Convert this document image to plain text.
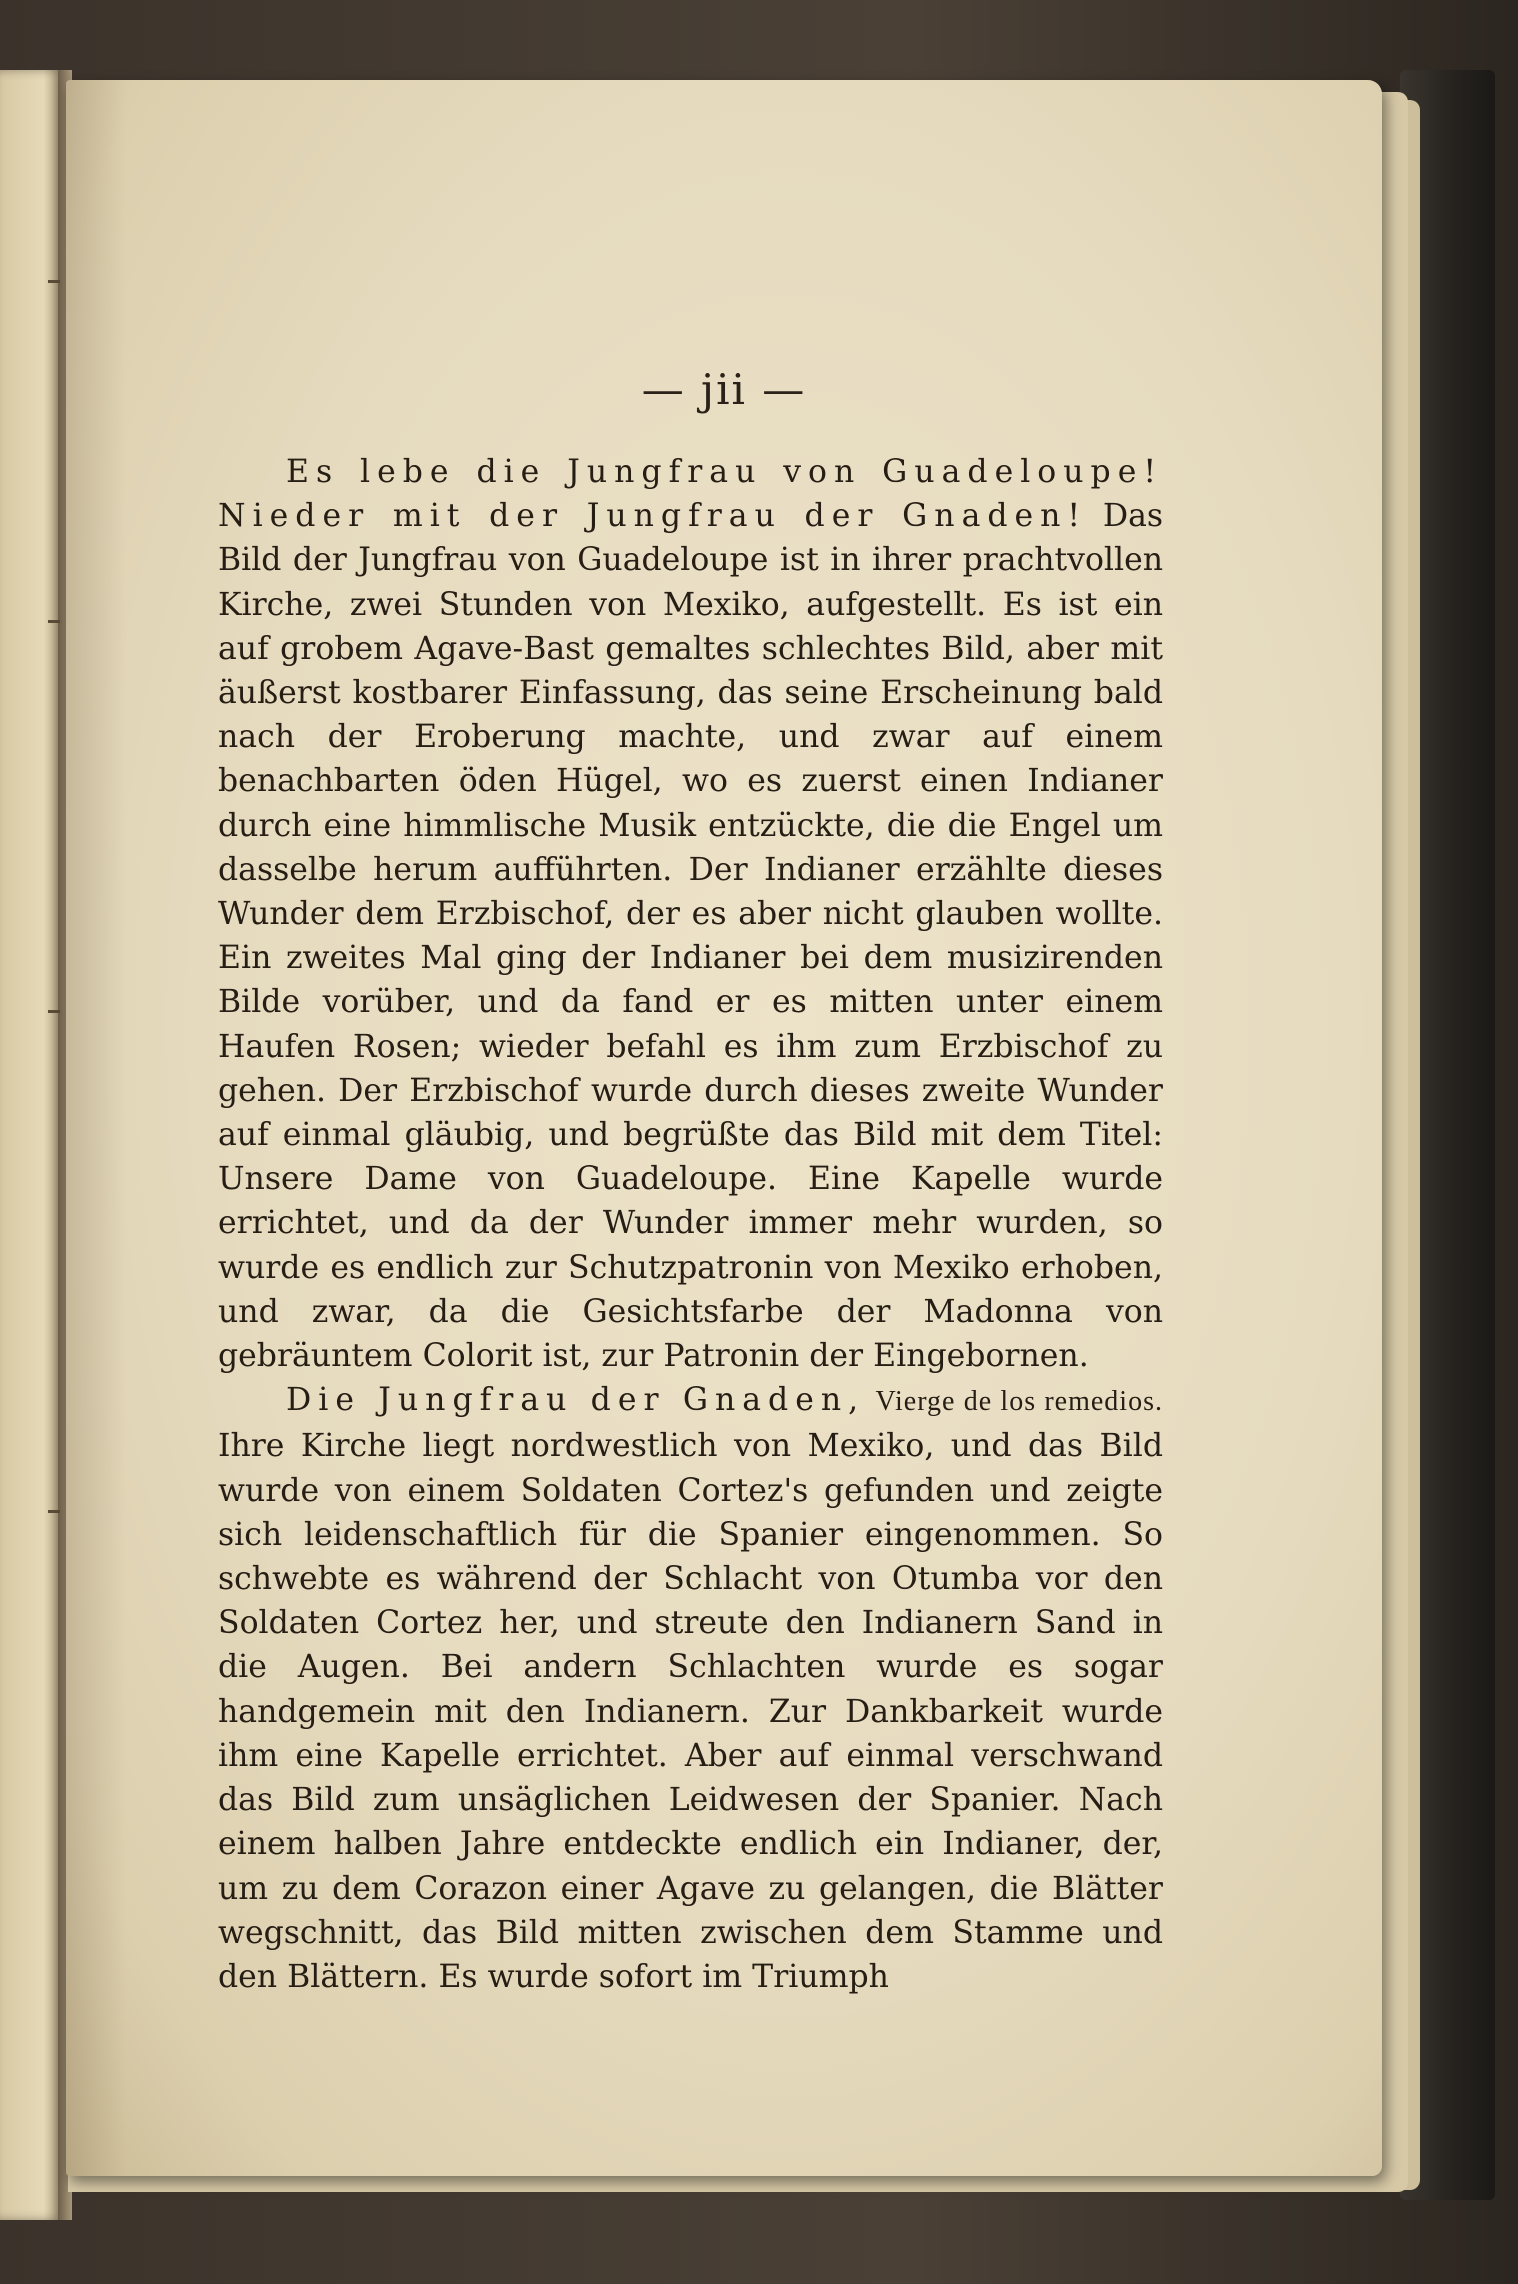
— jii —

Es lebe die Jungfrau von Guadeloupe! Nieder mit der Jungfrau der Gnaden! Das Bild der Jungfrau von Guadeloupe ist in ihrer prachtvollen Kirche, zwei Stunden von Mexiko, aufgestellt. Es ist ein auf grobem Agave-Bast gemaltes schlechtes Bild, aber mit äußerst kostbarer Einfassung, das seine Erscheinung bald nach der Eroberung machte, und zwar auf einem benachbarten öden Hügel, wo es zuerst einen Indianer durch eine himmlische Musik entzückte, die die Engel um dasselbe herum aufführten. Der Indianer erzählte dieses Wunder dem Erzbischof, der es aber nicht glauben wollte. Ein zweites Mal ging der Indianer bei dem musizirenden Bilde vorüber, und da fand er es mitten unter einem Haufen Rosen; wieder befahl es ihm zum Erzbischof zu gehen. Der Erzbischof wurde durch dieses zweite Wunder auf einmal gläubig, und begrüßte das Bild mit dem Titel: Unsere Dame von Guadeloupe. Eine Kapelle wurde errichtet, und da der Wunder immer mehr wurden, so wurde es endlich zur Schutzpatronin von Mexiko erhoben, und zwar, da die Gesichtsfarbe der Madonna von gebräuntem Colorit ist, zur Patronin der Eingebornen.

Die Jungfrau der Gnaden, Vierge de los remedios. Ihre Kirche liegt nordwestlich von Mexiko, und das Bild wurde von einem Soldaten Cortez's gefunden und zeigte sich leidenschaftlich für die Spanier eingenommen. So schwebte es während der Schlacht von Otumba vor den Soldaten Cortez her, und streute den Indianern Sand in die Augen. Bei andern Schlachten wurde es sogar handgemein mit den Indianern. Zur Dankbarkeit wurde ihm eine Kapelle errichtet. Aber auf einmal verschwand das Bild zum unsäglichen Leidwesen der Spanier. Nach einem halben Jahre entdeckte endlich ein Indianer, der, um zu dem Corazon einer Agave zu gelangen, die Blätter wegschnitt, das Bild mitten zwischen dem Stamme und den Blättern. Es wurde sofort im Triumph
